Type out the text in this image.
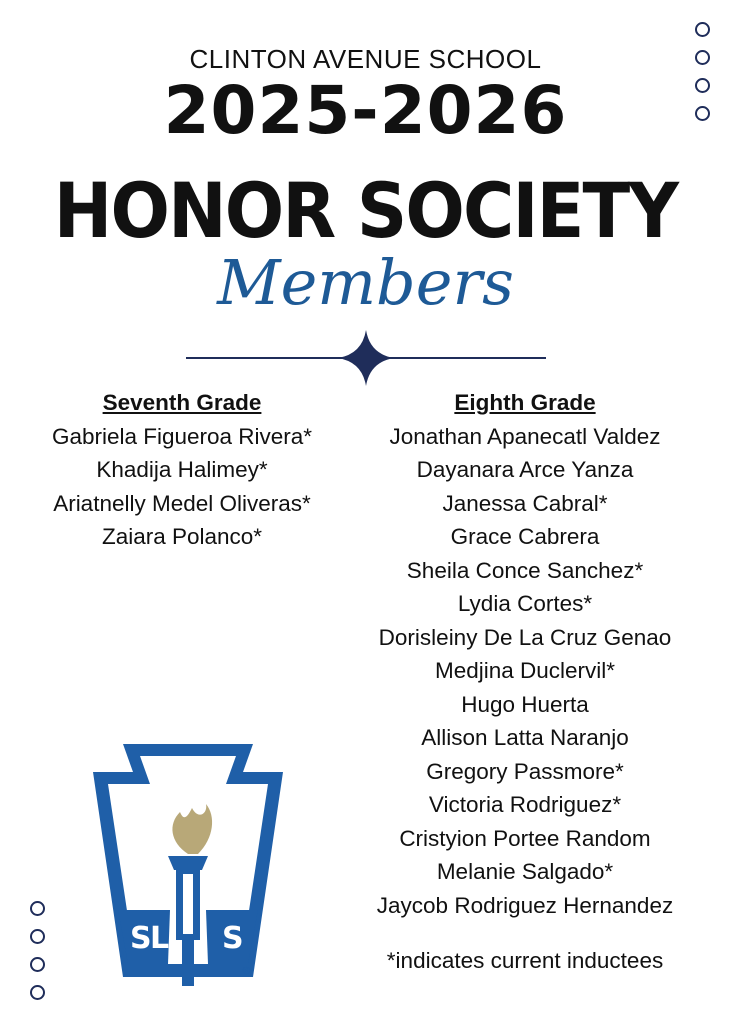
CLINTON AVENUE SCHOOL
2025-2026
HONOR SOCIETY
Members
Seventh Grade
Gabriela Figueroa Rivera*
Khadija Halimey*
Ariatnelly Medel Oliveras*
Zaiara Polanco*
Eighth Grade
Jonathan Apanecatl Valdez
Dayanara Arce Yanza
Janessa Cabral*
Grace Cabrera
Sheila Conce Sanchez*
Lydia Cortes*
Dorisleiny De La Cruz Genao
Medjina Duclervil*
Hugo Huerta
Allison Latta Naranjo
Gregory Passmore*
Victoria Rodriguez*
Cristyion Portee Random
Melanie Salgado*
Jaycob Rodriguez Hernandez
*indicates current inductees
S
L S
®
